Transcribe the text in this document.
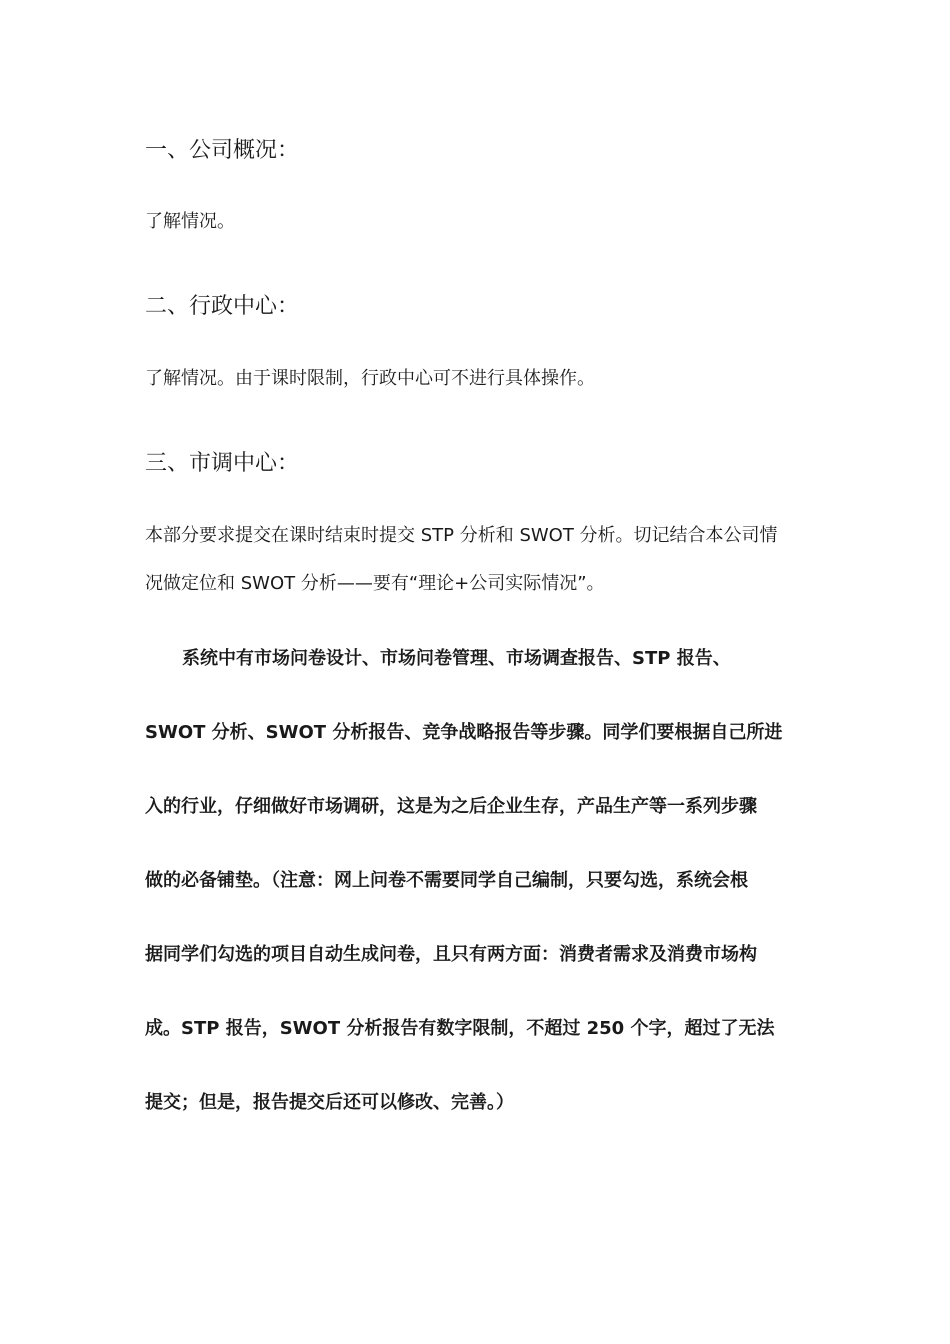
一、公司概况：

了解情况。

二、行政中心：

了解情况。由于课时限制，行政中心可不进行具体操作。

三、市调中心：
本部分要求提交在课时结束时提交 STP 分析和 SWOT 分析。切记结合本公司情
况做定位和 SWOT 分析——要有“理论+公司实际情况”。
系统中有市场问卷设计、市场问卷管理、市场调查报告、STP 报告、
SWOT 分析、SWOT 分析报告、竞争战略报告等步骤。同学们要根据自己所进
入的行业，仔细做好市场调研，这是为之后企业生存，产品生产等一系列步骤
做的必备铺垫。（注意：网上问卷不需要同学自己编制，只要勾选，系统会根
据同学们勾选的项目自动生成问卷，且只有两方面：消费者需求及消费市场构
成。STP 报告，SWOT 分析报告有数字限制，不超过 250 个字，超过了无法
提交；但是，报告提交后还可以修改、完善。）
